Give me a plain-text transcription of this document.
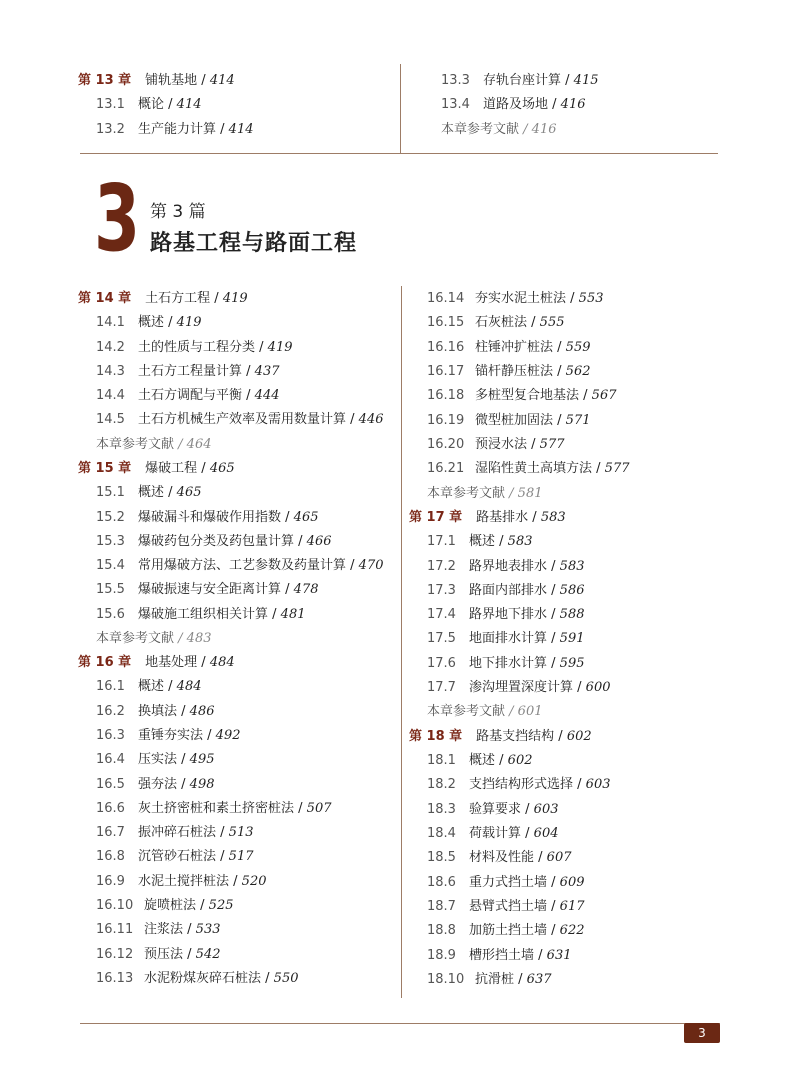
第 13 章 铺轨基地 / 414
13.1 概论 / 414
13.2 生产能力计算 / 414
13.3 存轨台座计算 / 415
13.4 道路及场地 / 416
本章参考文献 / 416
3 第 3 篇
路基工程与路面工程
第 14 章 土石方工程 / 419
14.1 概述 / 419
14.2 土的性质与工程分类 / 419
14.3 土石方工程量计算 / 437
14.4 土石方调配与平衡 / 444
14.5 土石方机械生产效率及需用数量计算 / 446
本章参考文献 / 464
第 15 章 爆破工程 / 465
15.1 概述 / 465
15.2 爆破漏斗和爆破作用指数 / 465
15.3 爆破药包分类及药包量计算 / 466
15.4 常用爆破方法、工艺参数及药量计算 / 470
15.5 爆破振速与安全距离计算 / 478
15.6 爆破施工组织相关计算 / 481
本章参考文献 / 483
第 16 章 地基处理 / 484
16.1 概述 / 484
16.2 换填法 / 486
16.3 重锤夯实法 / 492
16.4 压实法 / 495
16.5 强夯法 / 498
16.6 灰土挤密桩和素土挤密桩法 / 507
16.7 振冲碎石桩法 / 513
16.8 沉管砂石桩法 / 517
16.9 水泥土搅拌桩法 / 520
16.10 旋喷桩法 / 525
16.11 注浆法 / 533
16.12 预压法 / 542
16.13 水泥粉煤灰碎石桩法 / 550
16.14 夯实水泥土桩法 / 553
16.15 石灰桩法 / 555
16.16 柱锤冲扩桩法 / 559
16.17 锚杆静压桩法 / 562
16.18 多桩型复合地基法 / 567
16.19 微型桩加固法 / 571
16.20 预浸水法 / 577
16.21 湿陷性黄土高填方法 / 577
本章参考文献 / 581
第 17 章 路基排水 / 583
17.1 概述 / 583
17.2 路界地表排水 / 583
17.3 路面内部排水 / 586
17.4 路界地下排水 / 588
17.5 地面排水计算 / 591
17.6 地下排水计算 / 595
17.7 渗沟埋置深度计算 / 600
本章参考文献 / 601
第 18 章 路基支挡结构 / 602
18.1 概述 / 602
18.2 支挡结构形式选择 / 603
18.3 验算要求 / 603
18.4 荷载计算 / 604
18.5 材料及性能 / 607
18.6 重力式挡土墙 / 609
18.7 悬臂式挡土墙 / 617
18.8 加筋土挡土墙 / 622
18.9 槽形挡土墙 / 631
18.10 抗滑桩 / 637
3
